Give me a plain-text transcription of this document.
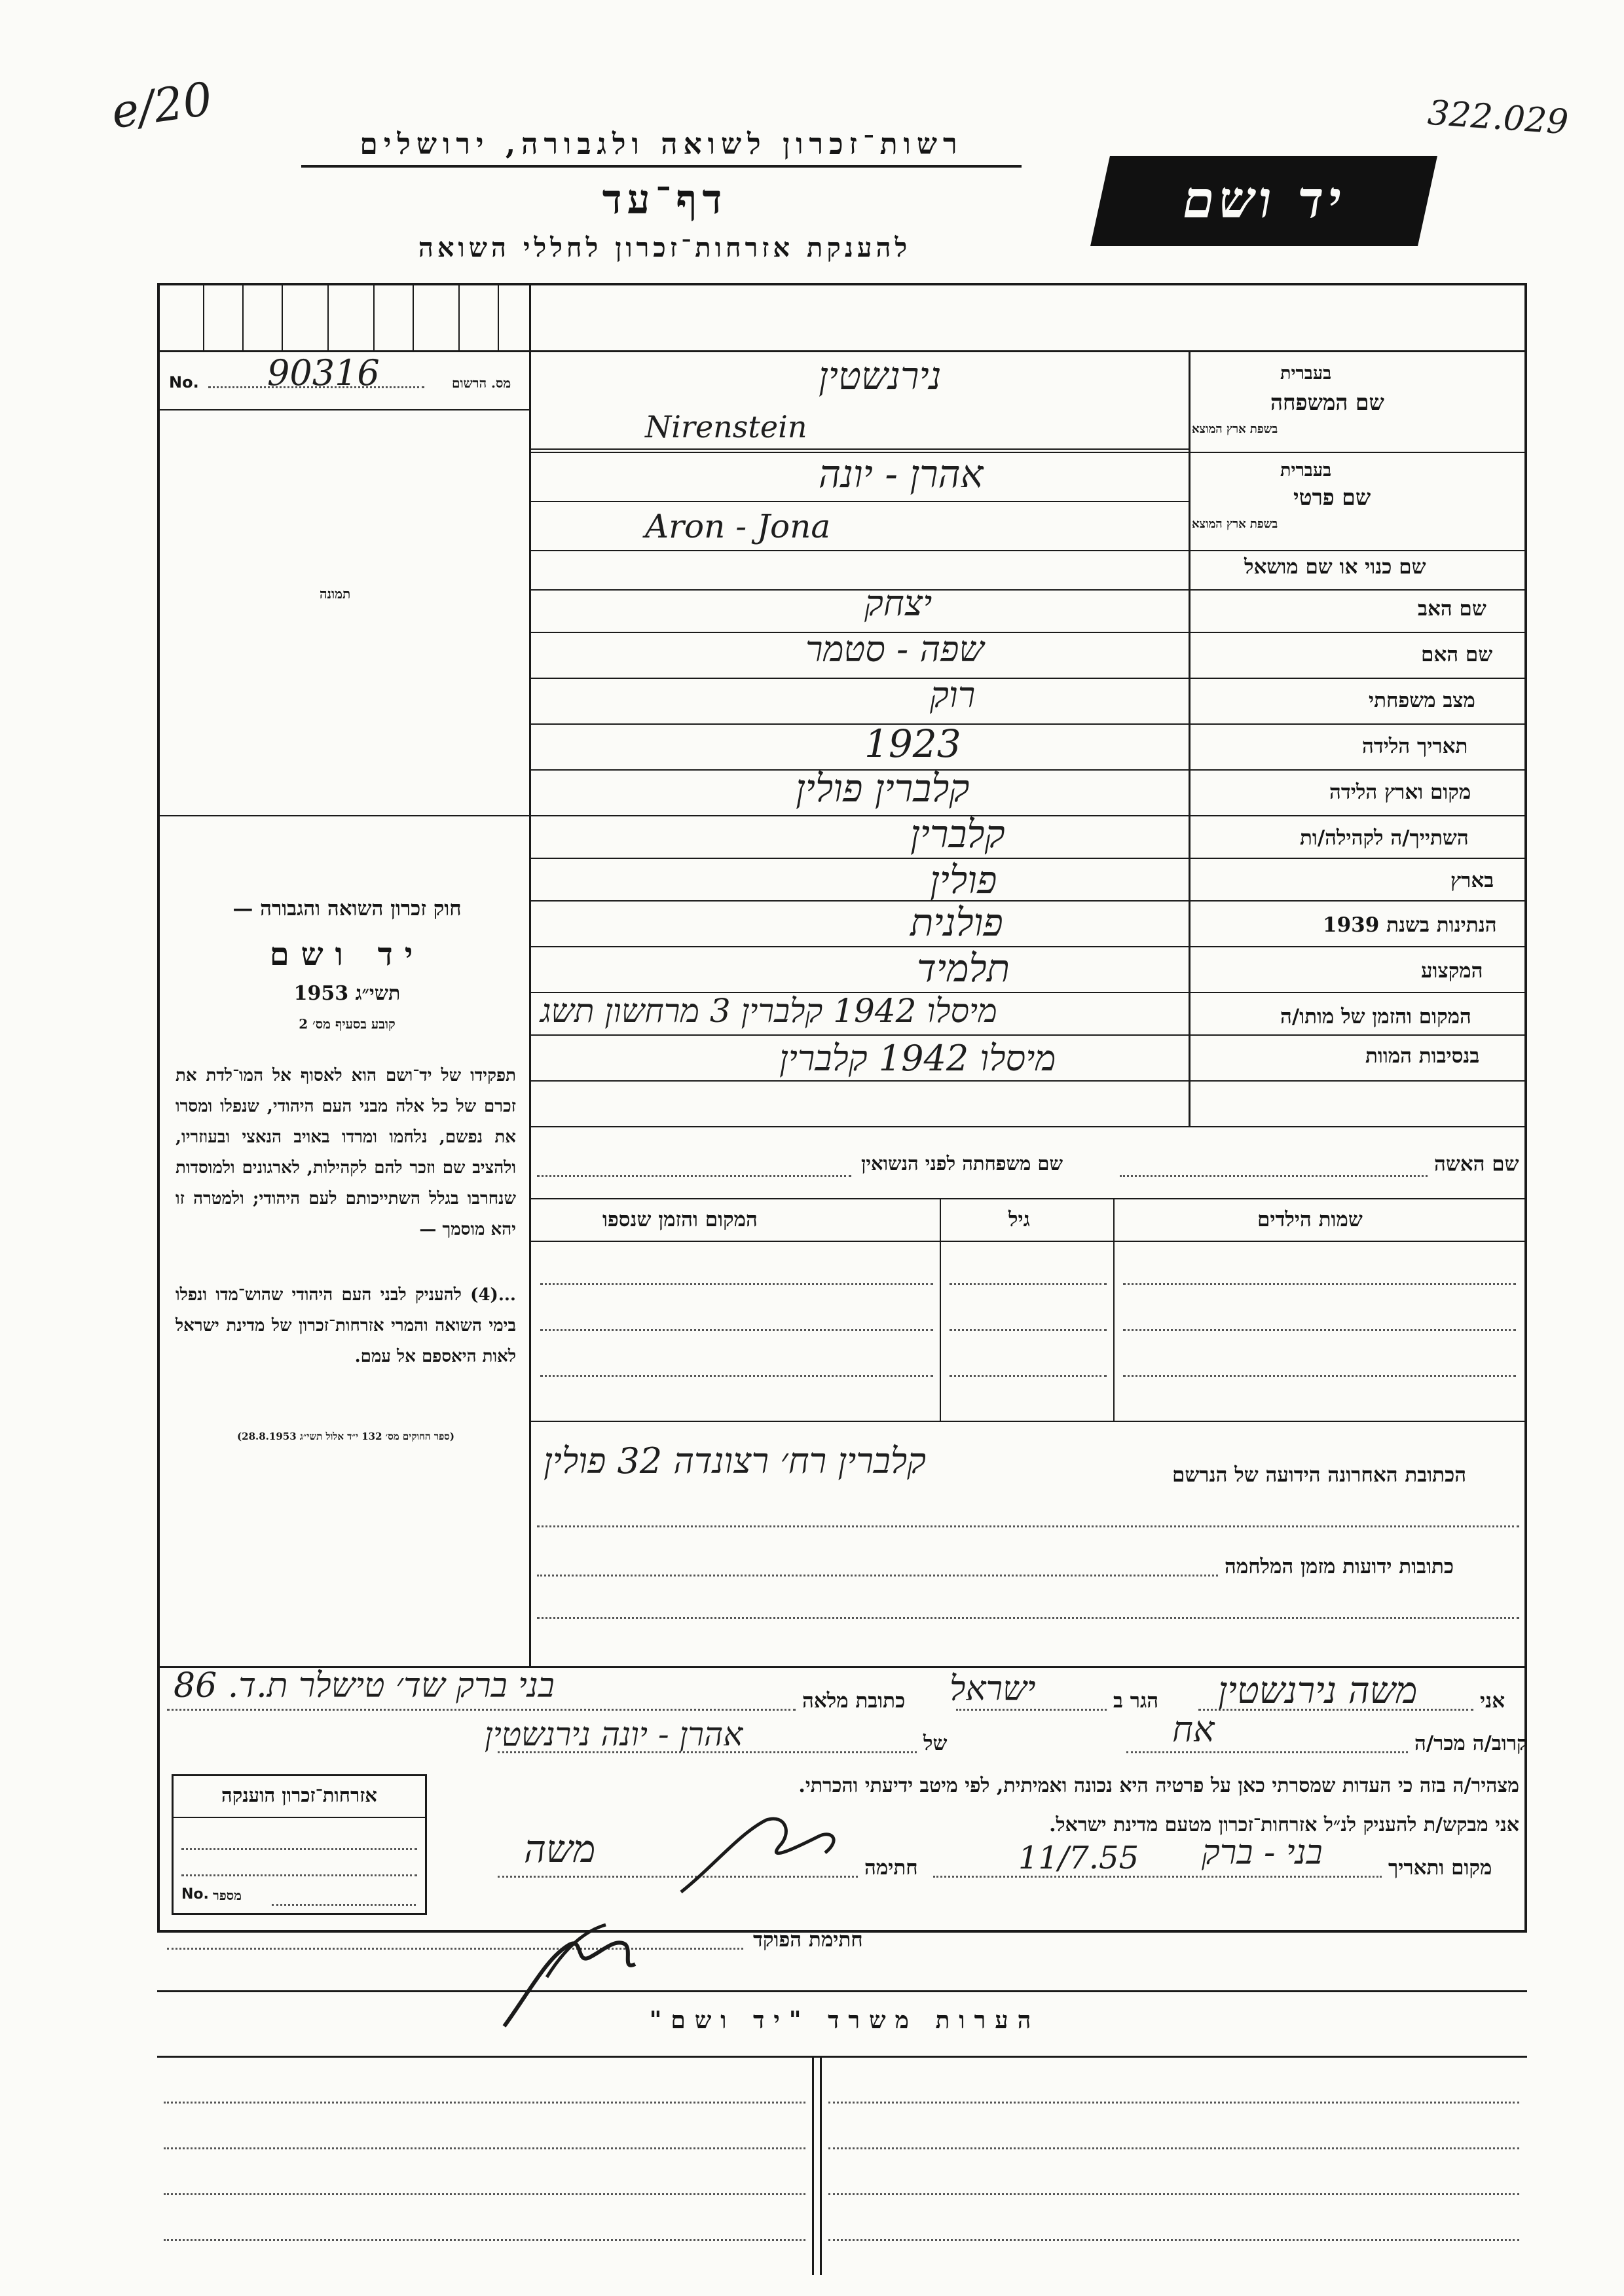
e/20	322.029
רשות־זכרון לשואה ולגבורה, ירושלים
דף־עד
להענקת אזרחות־זכרון לחללי השואה
יד ושם
No. 90316	מס. הרשום
תמונה
חוק זכרון השואה והגבורה —
יד ושם
תשי״ג 1953
קובע בסעיף מס׳ 2
תפקידו של יד־ושם הוא לאסוף אל המו־לדת את זכרם של כל אלה מבני העם היהודי, שנפלו ומסרו את נפשם, נלחמו ומרדו באויב הנאצי ובעוזריו, ולהציב שם וזכר להם לקהילות, לארגונים ולמוסדות שנחרבו בגלל השתייכותם לעם היהודי; ולמטרה זו יהא מוסמך —
...(4) להעניק לבני העם היהודי שהוש־מדו ונפלו בימי השואה והמרי אזרחות־זכרון של מדינת ישראל לאות היאספם אל עמם.
(ספר החוקים מס׳ 132 י״ד אלול תשי״ג 28.8.1953)
שם המשפחה
בעברית
בשפת ארץ המוצא
נירנשטין
Nirenstein
שם פרטי
בעברית
בשפת ארץ המוצא
אהרן - יונה
Aron - Jona
שם כנוי או שם מושאל
שם האב
יצחק
שם האם
שפה - סטמר
מצב משפחתי
רוק
תאריך הלידה
1923
מקום וארץ הלידה
קלברין פולין
השתייך/ה לקהילה/ות
קלברין
בארץ
פולין
הנתינות בשנת 1939
פולנית
המקצוע
תלמיד
המקום והזמן של מותו/ה
מיסלו 1942 קלברין 3 מרחשון תשג
בנסיבות המוות
מיסלו 1942 קלברין
שם האשה
שם משפחתה לפני הנשואין
שמות הילדים
גיל
המקום והזמן שנספו
הכתובת האחרונה הידועה של הנרשם
קלברין רח׳ רצונדה 32 פולין
כתובות ידועות מזמן המלחמה
אני
משה נירנשטין
הגר ב
ישראל
כתובת מלאה
בני ברק שד׳ טישלר ת.ד. 86
קרוב/ה מכר/ה
אח
של
אהרן - יונה נירנשטין
מצהיר/ה בזה כי העדות שמסרתי כאן על פרטיה היא נכונה ואמיתית, לפי מיטב ידיעתי והכרתי.
אני מבקש/ת להעניק לנ״ל אזרחות־זכרון מטעם מדינת ישראל.
מקום ותאריך
בני - ברק
11/7.55
חתימה
משה
חתימת הפוקד
אזרחות־זכרון הוענקה
No. מספר
הערות משרד "יד ושם"
